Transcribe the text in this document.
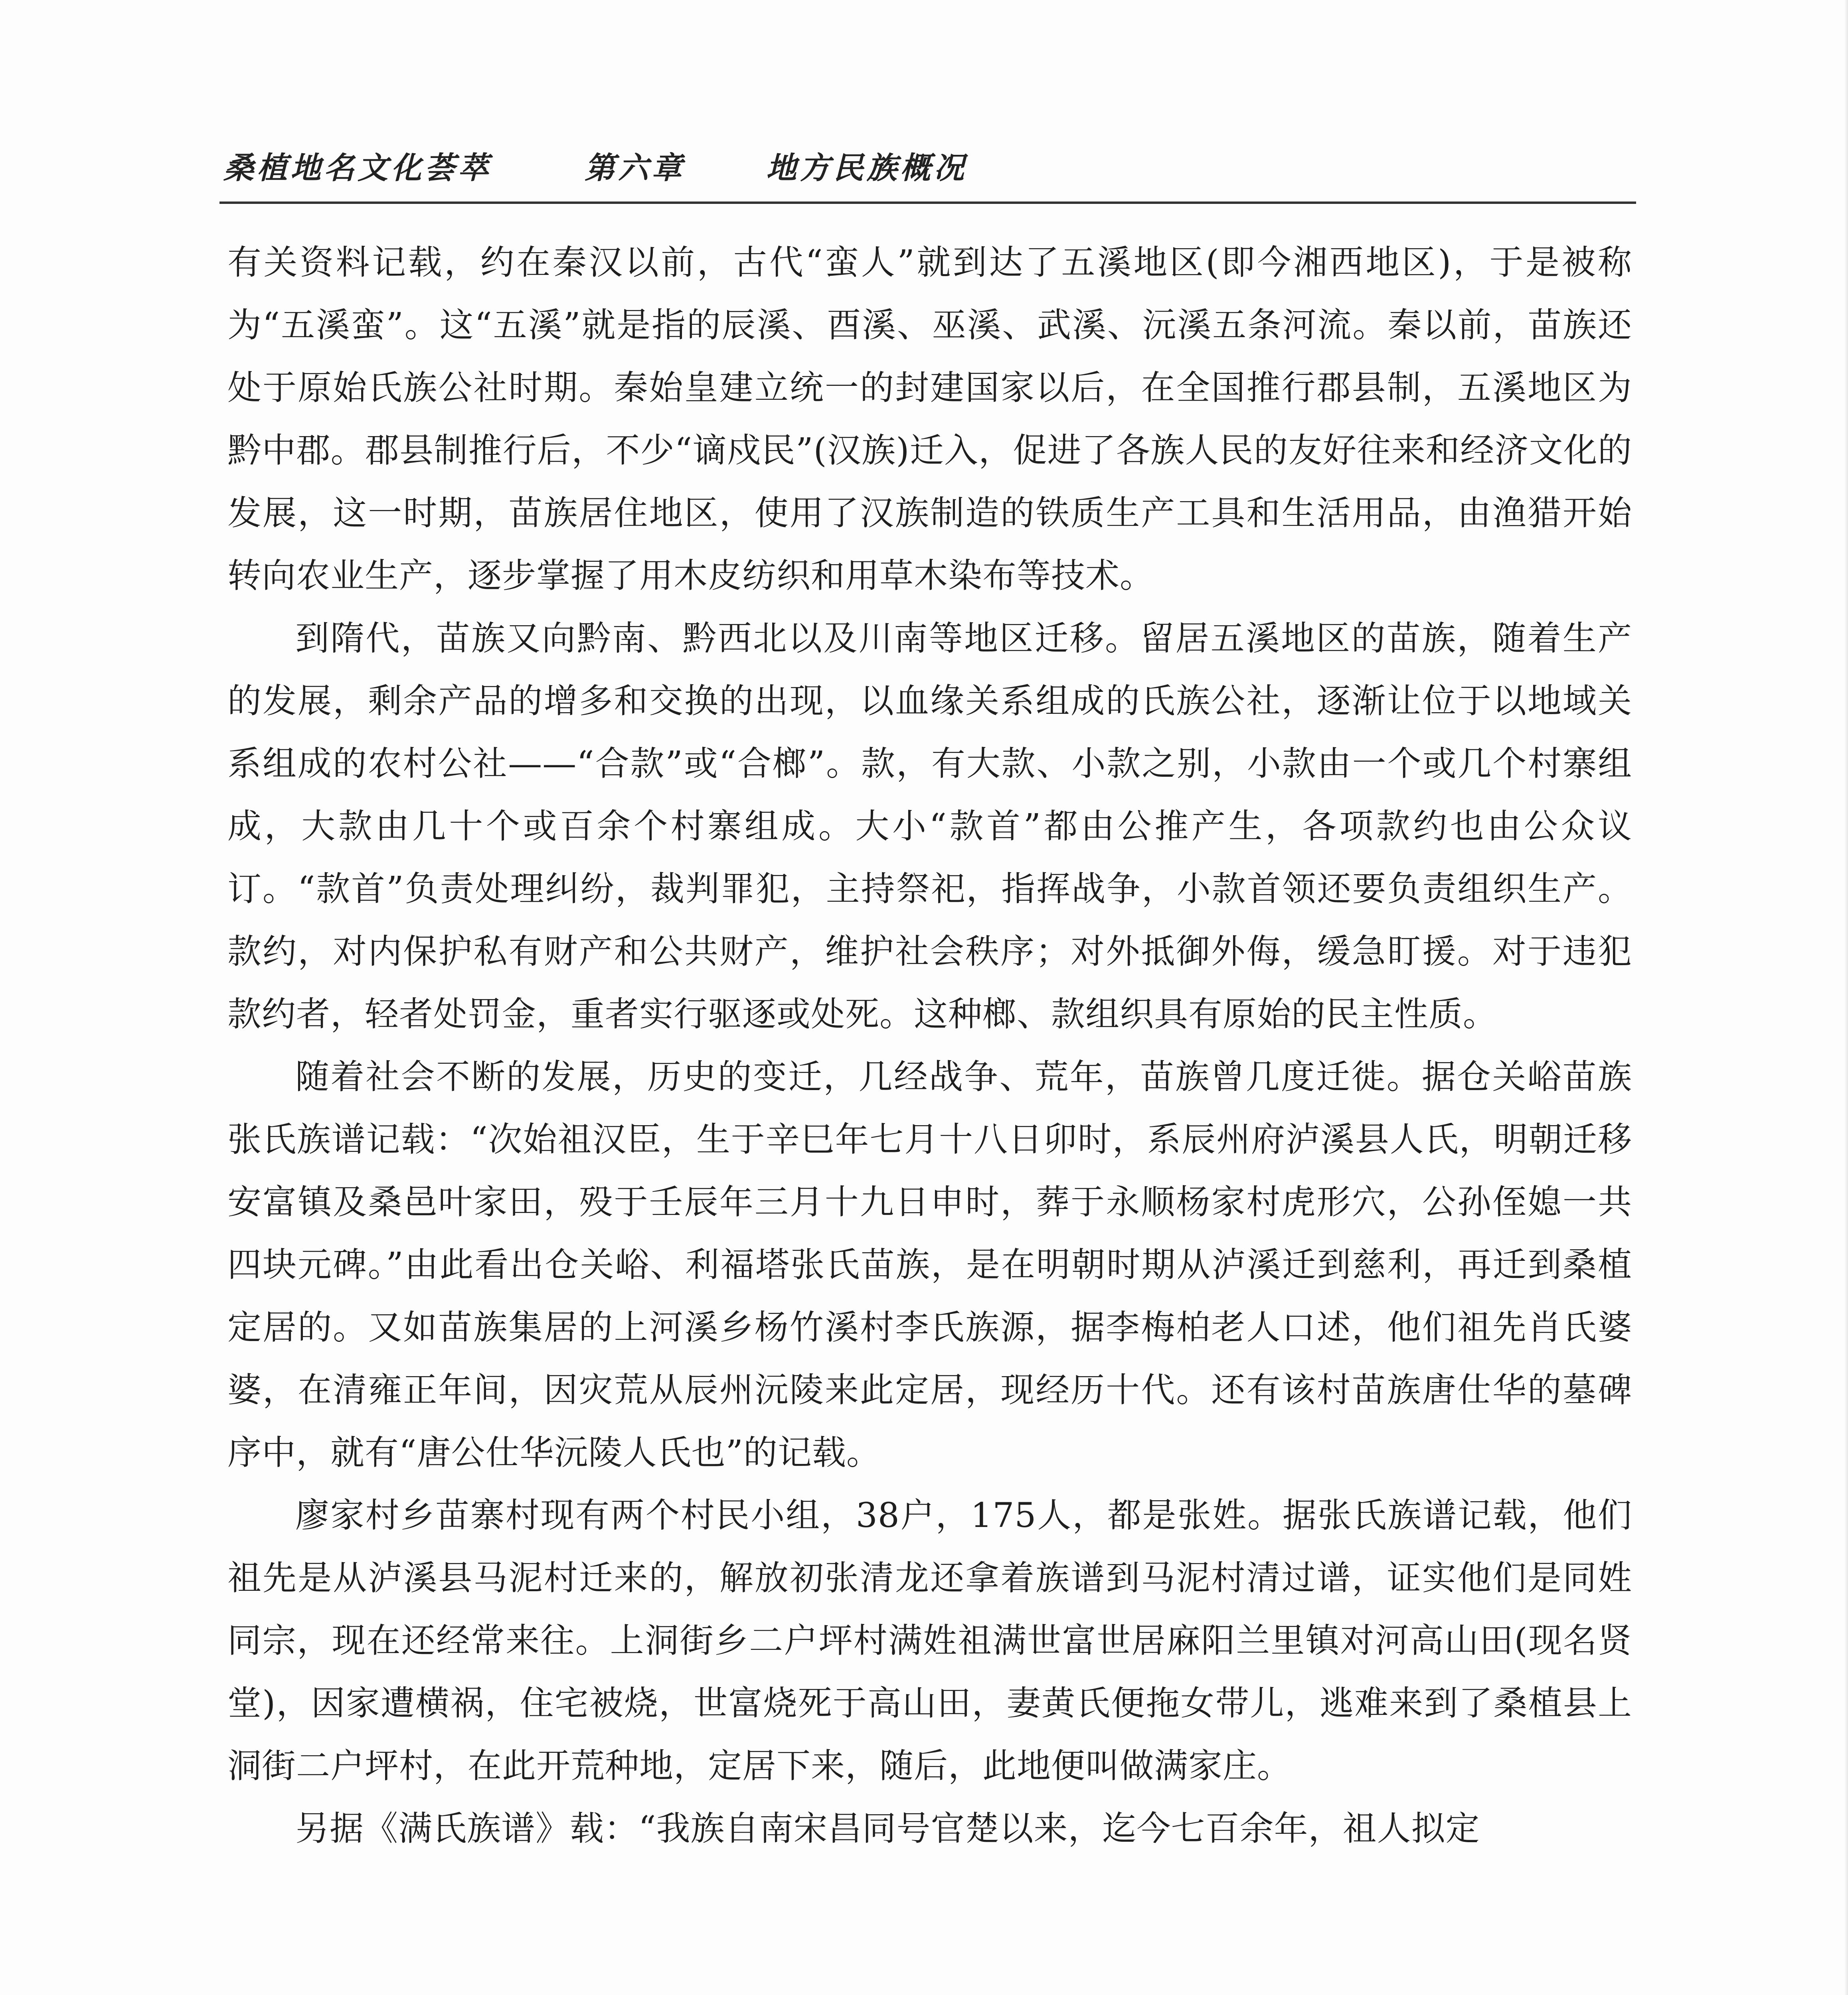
桑植地名文化荟萃	第六章	地方民族概况

有关资料记载，约在秦汉以前，古代“蛮人”就到达了五溪地区(即今湘西地区)，于是被称为“五溪蛮”。这“五溪”就是指的辰溪、酉溪、巫溪、武溪、沅溪五条河流。秦以前，苗族还处于原始氏族公社时期。秦始皇建立统一的封建国家以后，在全国推行郡县制，五溪地区为黔中郡。郡县制推行后，不少“谪戍民”(汉族)迁入，促进了各族人民的友好往来和经济文化的发展，这一时期，苗族居住地区，使用了汉族制造的铁质生产工具和生活用品，由渔猎开始转向农业生产，逐步掌握了用木皮纺织和用草木染布等技术。

到隋代，苗族又向黔南、黔西北以及川南等地区迁移。留居五溪地区的苗族，随着生产的发展，剩余产品的增多和交换的出现，以血缘关系组成的氏族公社，逐渐让位于以地域关系组成的农村公社——“合款”或“合榔”。款，有大款、小款之别，小款由一个或几个村寨组成，大款由几十个或百余个村寨组成。大小“款首”都由公推产生，各项款约也由公众议订。“款首”负责处理纠纷，裁判罪犯，主持祭祀，指挥战争，小款首领还要负责组织生产。款约，对内保护私有财产和公共财产，维护社会秩序；对外抵御外侮，缓急盯援。对于违犯款约者，轻者处罚金，重者实行驱逐或处死。这种榔、款组织具有原始的民主性质。

随着社会不断的发展，历史的变迁，几经战争、荒年，苗族曾几度迁徙。据仓关峪苗族张氏族谱记载：“次始祖汉臣，生于辛巳年七月十八日卯时，系辰州府泸溪县人氏，明朝迁移安富镇及桑邑叶家田，殁于壬辰年三月十九日申时，葬于永顺杨家村虎形穴，公孙侄媳一共四块元碑。”由此看出仓关峪、利福塔张氏苗族，是在明朝时期从泸溪迁到慈利，再迁到桑植定居的。又如苗族集居的上河溪乡杨竹溪村李氏族源，据李梅柏老人口述，他们祖先肖氏婆婆，在清雍正年间，因灾荒从辰州沅陵来此定居，现经历十代。还有该村苗族唐仕华的墓碑序中，就有“唐公仕华沅陵人氏也”的记载。

廖家村乡苗寨村现有两个村民小组，38户，175人，都是张姓。据张氏族谱记载，他们祖先是从泸溪县马泥村迁来的，解放初张清龙还拿着族谱到马泥村清过谱，证实他们是同姓同宗，现在还经常来往。上洞街乡二户坪村满姓祖满世富世居麻阳兰里镇对河高山田(现名贤堂)，因家遭横祸，住宅被烧，世富烧死于高山田，妻黄氏便拖女带儿，逃难来到了桑植县上洞街二户坪村，在此开荒种地，定居下来，随后，此地便叫做满家庄。

另据《满氏族谱》载：“我族自南宋昌同号官楚以来，迄今七百余年，祖人拟定
